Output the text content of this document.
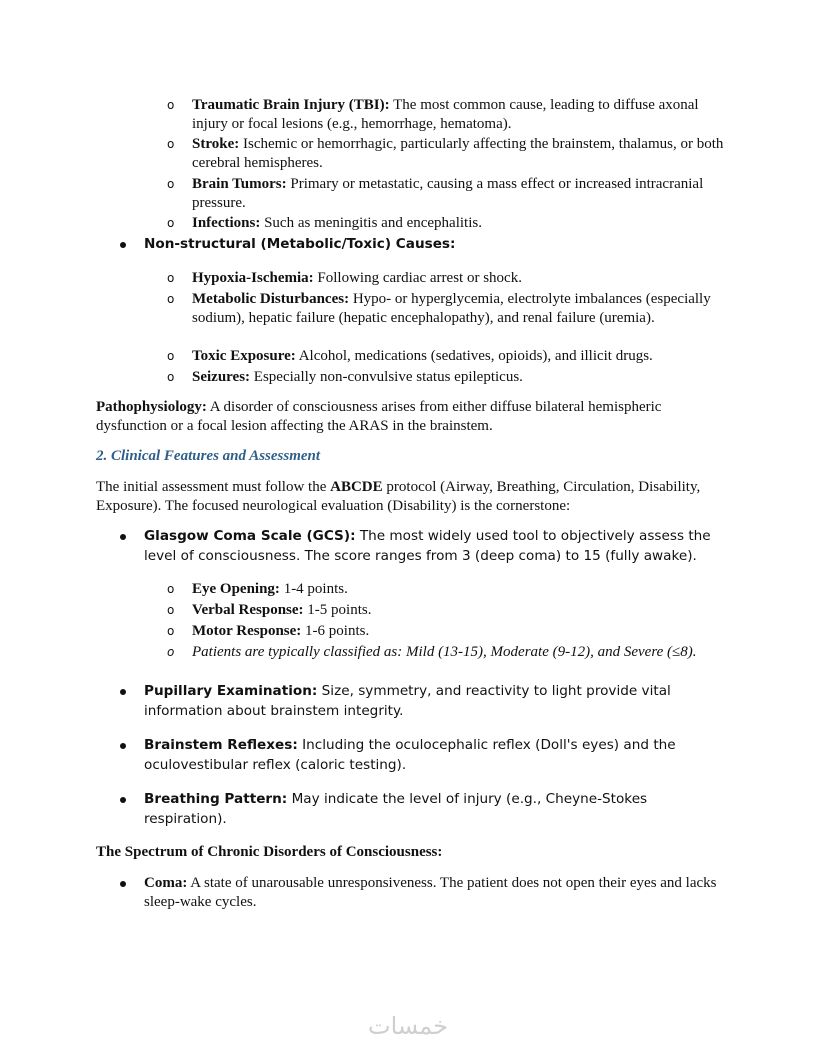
o Traumatic Brain Injury (TBI): The most common cause, leading to diffuse axonal injury or focal lesions (e.g., hemorrhage, hematoma).
o Stroke: Ischemic or hemorrhagic, particularly affecting the brainstem, thalamus, or both cerebral hemispheres.
o Brain Tumors: Primary or metastatic, causing a mass effect or increased intracranial pressure.
o Infections: Such as meningitis and encephalitis.
Non-structural (Metabolic/Toxic) Causes:
o Hypoxia-Ischemia: Following cardiac arrest or shock.
o Metabolic Disturbances: Hypo- or hyperglycemia, electrolyte imbalances (especially sodium), hepatic failure (hepatic encephalopathy), and renal failure (uremia).
o Toxic Exposure: Alcohol, medications (sedatives, opioids), and illicit drugs.
o Seizures: Especially non-convulsive status epilepticus.
Pathophysiology: A disorder of consciousness arises from either diffuse bilateral hemispheric dysfunction or a focal lesion affecting the ARAS in the brainstem.
2. Clinical Features and Assessment
The initial assessment must follow the ABCDE protocol (Airway, Breathing, Circulation, Disability, Exposure). The focused neurological evaluation (Disability) is the cornerstone:
Glasgow Coma Scale (GCS): The most widely used tool to objectively assess the level of consciousness. The score ranges from 3 (deep coma) to 15 (fully awake).
o Eye Opening: 1-4 points.
o Verbal Response: 1-5 points.
o Motor Response: 1-6 points.
o Patients are typically classified as: Mild (13-15), Moderate (9-12), and Severe (≤8).
Pupillary Examination: Size, symmetry, and reactivity to light provide vital information about brainstem integrity.
Brainstem Reflexes: Including the oculocephalic reflex (Doll's eyes) and the oculovestibular reflex (caloric testing).
Breathing Pattern: May indicate the level of injury (e.g., Cheyne-Stokes respiration).
The Spectrum of Chronic Disorders of Consciousness:
Coma: A state of unarousable unresponsiveness. The patient does not open their eyes and lacks sleep-wake cycles.
خمسات
